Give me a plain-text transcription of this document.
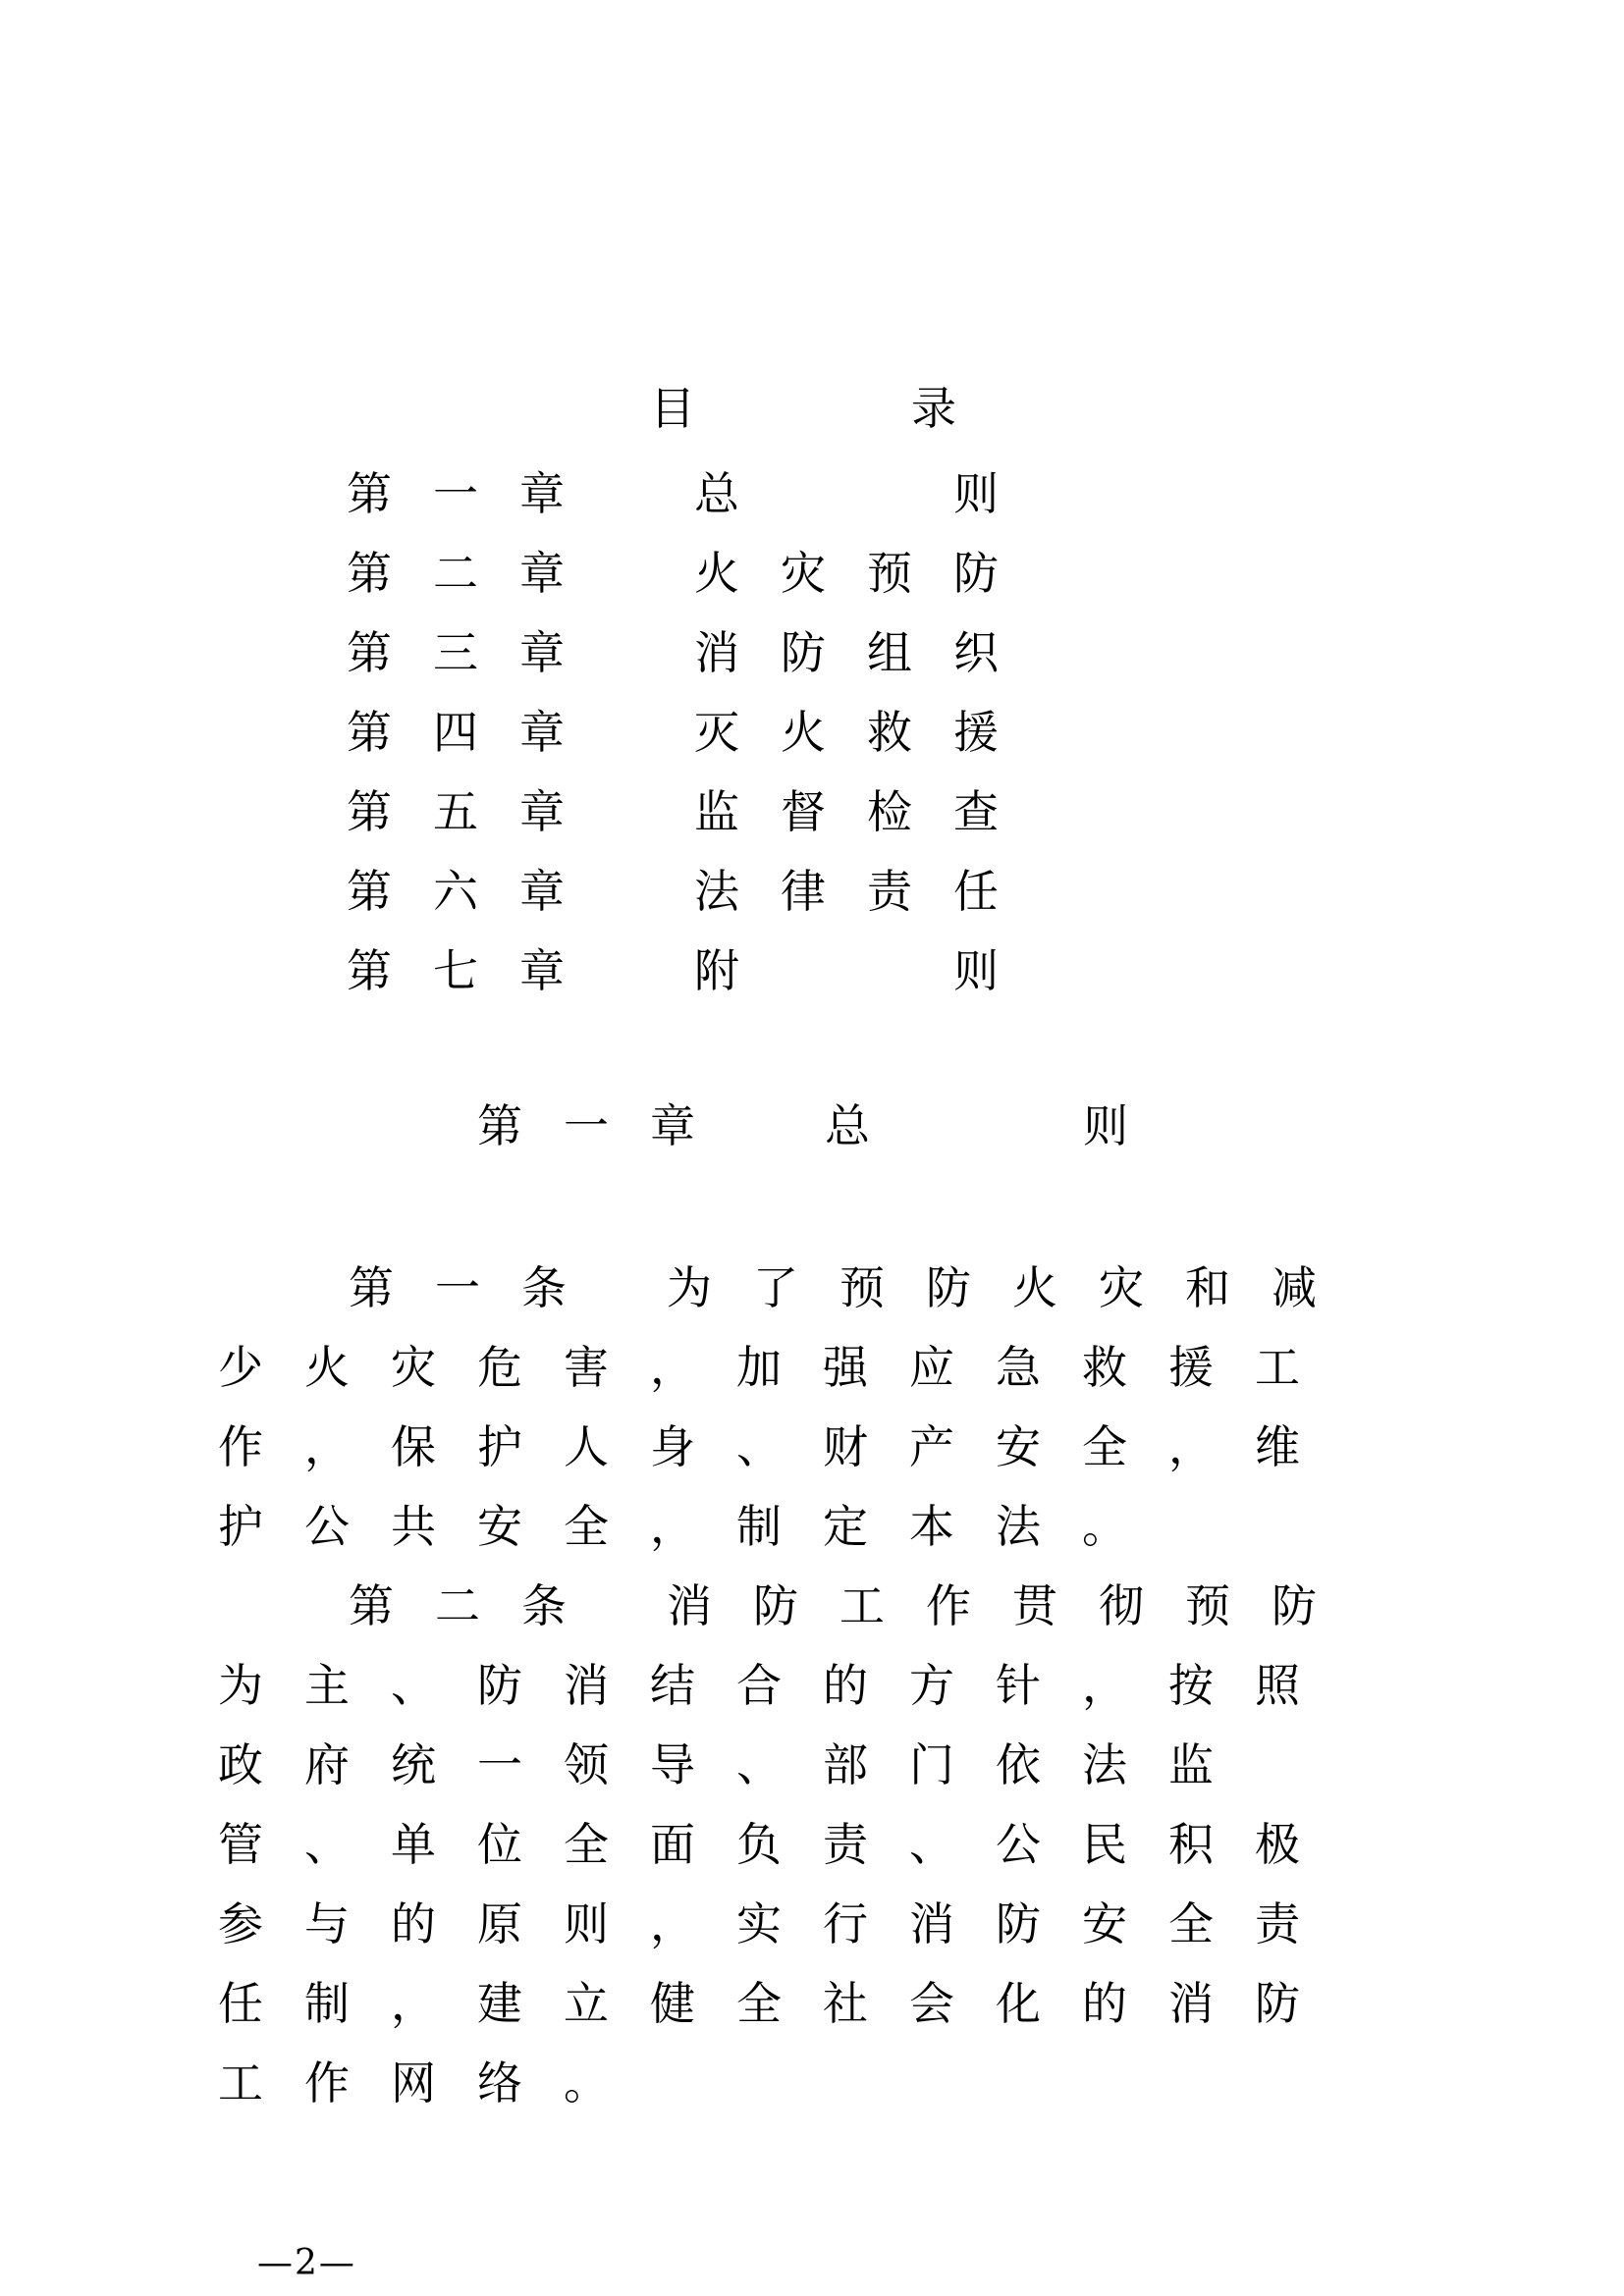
目	录
第一章 总	则
第二章 火灾预防
第三章 消防组织
第四章 灭火救援
第五章 监督检查
第六章 法律责任
第七章 附	则
第一章 总	则

第一条 为了预防火灾和减少火灾危害，加强应急救援工作，保护人身、财产安全，维护公共安全，制定本法。

第二条 消防工作贯彻预防为主、防消结合的方针，按照政府统一领导、部门依法监管、单位全面负责、公民积极参与的原则，实行消防安全责任制，建立健全社会化的消防工作网络。

—2—
